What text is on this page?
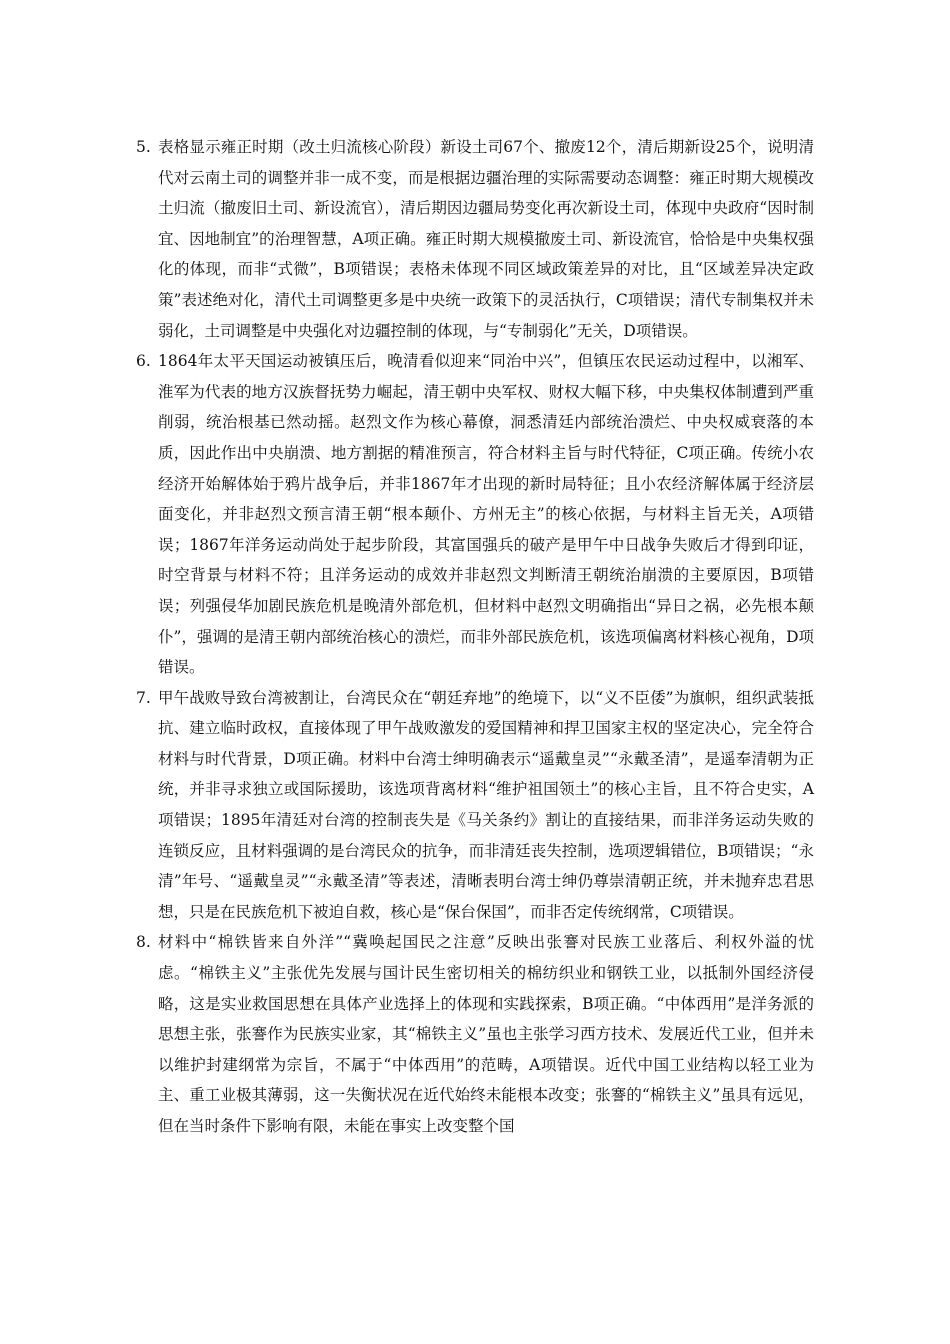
5. 表格显示雍正时期（改土归流核心阶段）新设土司67个、撤废12个，清后期新设25个，说明清代对云南土司的调整并非一成不变，而是根据边疆治理的实际需要动态调整：雍正时期大规模改土归流（撤废旧土司、新设流官），清后期因边疆局势变化再次新设土司，体现中央政府“因时制宜、因地制宜”的治理智慧，A项正确。雍正时期大规模撤废土司、新设流官，恰恰是中央集权强化的体现，而非“式微”，B项错误；表格未体现不同区域政策差异的对比，且“区域差异决定政策”表述绝对化，清代土司调整更多是中央统一政策下的灵活执行，C项错误；清代专制集权并未弱化，土司调整是中央强化对边疆控制的体现，与“专制弱化”无关，D项错误。
6. 1864年太平天国运动被镇压后，晚清看似迎来“同治中兴”，但镇压农民运动过程中，以湘军、淮军为代表的地方汉族督抚势力崛起，清王朝中央军权、财权大幅下移，中央集权体制遭到严重削弱，统治根基已然动摇。赵烈文作为核心幕僚，洞悉清廷内部统治溃烂、中央权威衰落的本质，因此作出中央崩溃、地方割据的精准预言，符合材料主旨与时代特征，C项正确。传统小农经济开始解体始于鸦片战争后，并非1867年才出现的新时局特征；且小农经济解体属于经济层面变化，并非赵烈文预言清王朝“根本颠仆、方州无主”的核心依据，与材料主旨无关，A项错误；1867年洋务运动尚处于起步阶段，其富国强兵的破产是甲午中日战争失败后才得到印证，时空背景与材料不符；且洋务运动的成效并非赵烈文判断清王朝统治崩溃的主要原因，B项错误；列强侵华加剧民族危机是晚清外部危机，但材料中赵烈文明确指出“异日之祸，必先根本颠仆”，强调的是清王朝内部统治核心的溃烂，而非外部民族危机，该选项偏离材料核心视角，D项错误。
7. 甲午战败导致台湾被割让，台湾民众在“朝廷弃地”的绝境下，以“义不臣倭”为旗帜，组织武装抵抗、建立临时政权，直接体现了甲午战败激发的爱国精神和捍卫国家主权的坚定决心，完全符合材料与时代背景，D项正确。材料中台湾士绅明确表示“遥戴皇灵”“永戴圣清”，是遥奉清朝为正统，并非寻求独立或国际援助，该选项背离材料“维护祖国领土”的核心主旨，且不符合史实，A项错误；1895年清廷对台湾的控制丧失是《马关条约》割让的直接结果，而非洋务运动失败的连锁反应，且材料强调的是台湾民众的抗争，而非清廷丧失控制，选项逻辑错位，B项错误；“永清”年号、“遥戴皇灵”“永戴圣清”等表述，清晰表明台湾士绅仍尊崇清朝正统，并未抛弃忠君思想，只是在民族危机下被迫自救，核心是“保台保国”，而非否定传统纲常，C项错误。
8. 材料中“棉铁皆来自外洋”“冀唤起国民之注意”反映出张謇对民族工业落后、利权外溢的忧虑。“棉铁主义”主张优先发展与国计民生密切相关的棉纺织业和钢铁工业，以抵制外国经济侵略，这是实业救国思想在具体产业选择上的体现和实践探索，B项正确。“中体西用”是洋务派的思想主张，张謇作为民族实业家，其“棉铁主义”虽也主张学习西方技术、发展近代工业，但并未以维护封建纲常为宗旨，不属于“中体西用”的范畴，A项错误。近代中国工业结构以轻工业为主、重工业极其薄弱，这一失衡状况在近代始终未能根本改变；张謇的“棉铁主义”虽具有远见，但在当时条件下影响有限，未能在事实上改变整个国
